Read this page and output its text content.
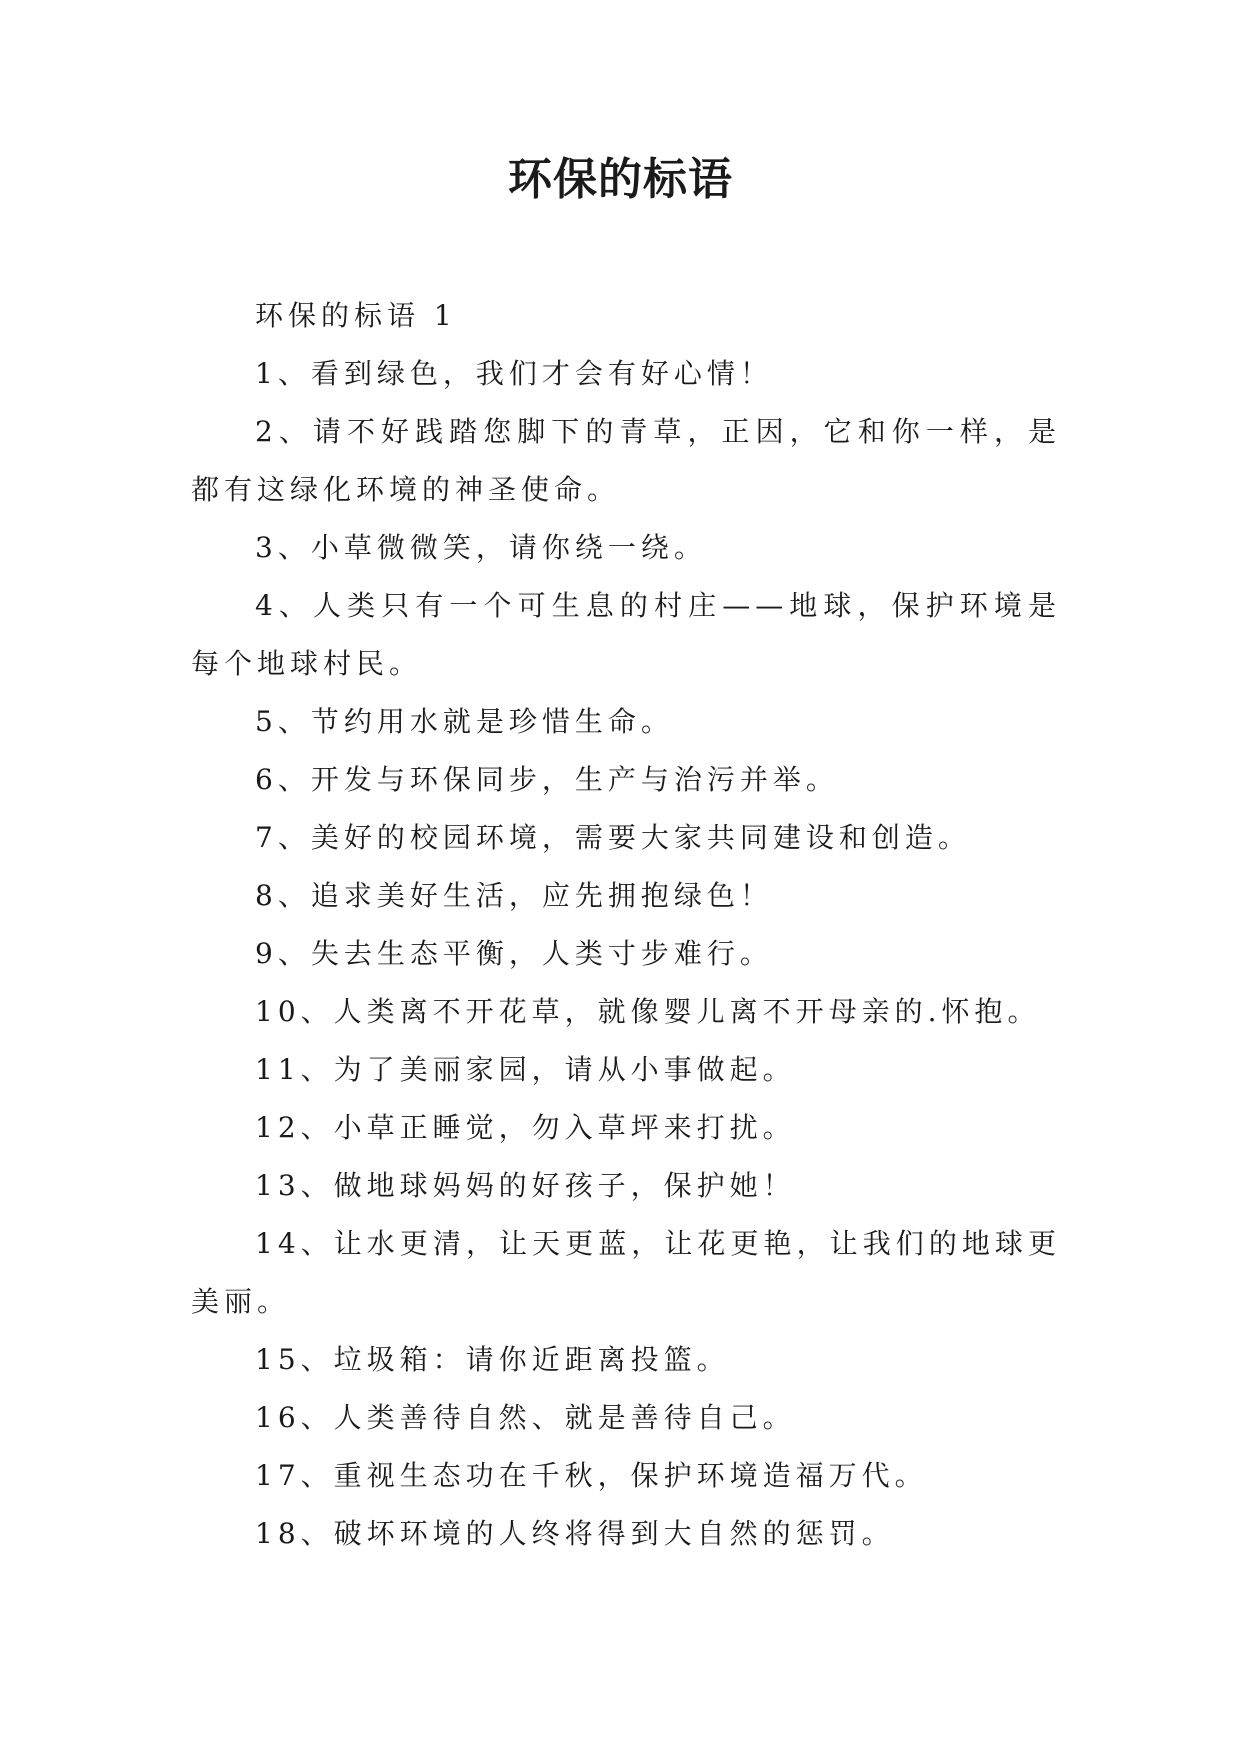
环保的标语

环保的标语 1

1、看到绿色，我们才会有好心情！

2、请不好践踏您脚下的青草，正因，它和你一样，是都有这绿化环境的神圣使命。

3、小草微微笑，请你绕一绕。

4、人类只有一个可生息的村庄——地球，保护环境是每个地球村民。

5、节约用水就是珍惜生命。

6、开发与环保同步，生产与治污并举。

7、美好的校园环境，需要大家共同建设和创造。

8、追求美好生活，应先拥抱绿色！

9、失去生态平衡，人类寸步难行。

10、人类离不开花草，就像婴儿离不开母亲的.怀抱。

11、为了美丽家园，请从小事做起。

12、小草正睡觉，勿入草坪来打扰。

13、做地球妈妈的好孩子，保护她！

14、让水更清，让天更蓝，让花更艳，让我们的地球更美丽。

15、垃圾箱：请你近距离投篮。

16、人类善待自然、就是善待自己。

17、重视生态功在千秋，保护环境造福万代。

18、破坏环境的人终将得到大自然的惩罚。
